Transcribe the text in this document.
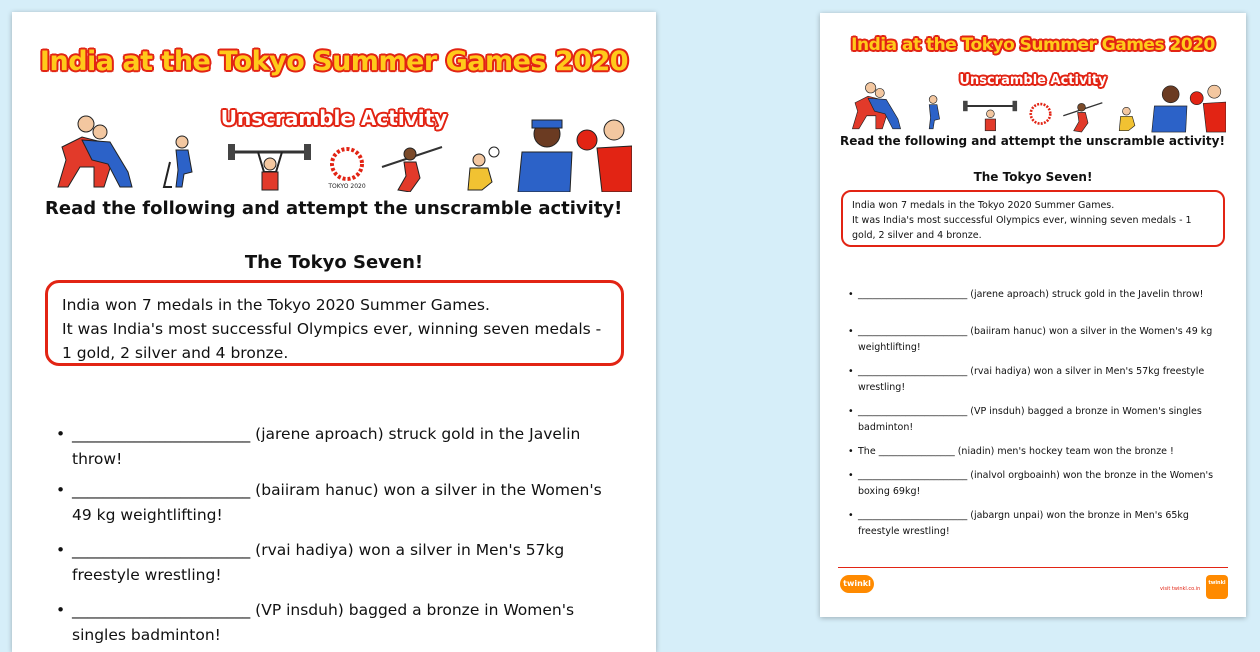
India at the Tokyo Summer Games 2020
Unscramble Activity
TOKYO 2020
Read the following and attempt the unscramble activity!
The Tokyo Seven!

India won 7 medals in the Tokyo 2020 Summer Games.

It was India's most successful Olympics ever, winning seven medals - 1 gold, 2 silver and 4 bronze.

• _______________________ (jarene aproach) struck gold in the Javelin throw!
• _______________________ (baiiram hanuc) won a silver in the Women's 49 kg weightlifting!
• _______________________ (rvai hadiya) won a silver in Men's 57kg freestyle wrestling!
• _______________________ (VP insduh) bagged a bronze in Women's singles badminton!
India at the Tokyo Summer Games 2020
Unscramble Activity
Read the following and attempt the unscramble activity!
The Tokyo Seven!

India won 7 medals in the Tokyo 2020 Summer Games.

It was India's most successful Olympics ever, winning seven medals - 1 gold, 2 silver and 4 bronze.

• _______________________ (jarene aproach) struck gold in the Javelin throw!
• _______________________ (baiiram hanuc) won a silver in the Women's 49 kg weightlifting!
• _______________________ (rvai hadiya) won a silver in Men's 57kg freestyle wrestling!
• _______________________ (VP insduh) bagged a bronze in Women's singles badminton!
• The ________________ (niadin) men's hockey team won the bronze !
• _______________________ (inalvol orgboainh) won the bronze in the Women's boxing 69kg!
• _______________________ (jabargn unpai) won the bronze in Men's 65kg freestyle wrestling!
twinkl
visit twinkl.co.in
twinkl
